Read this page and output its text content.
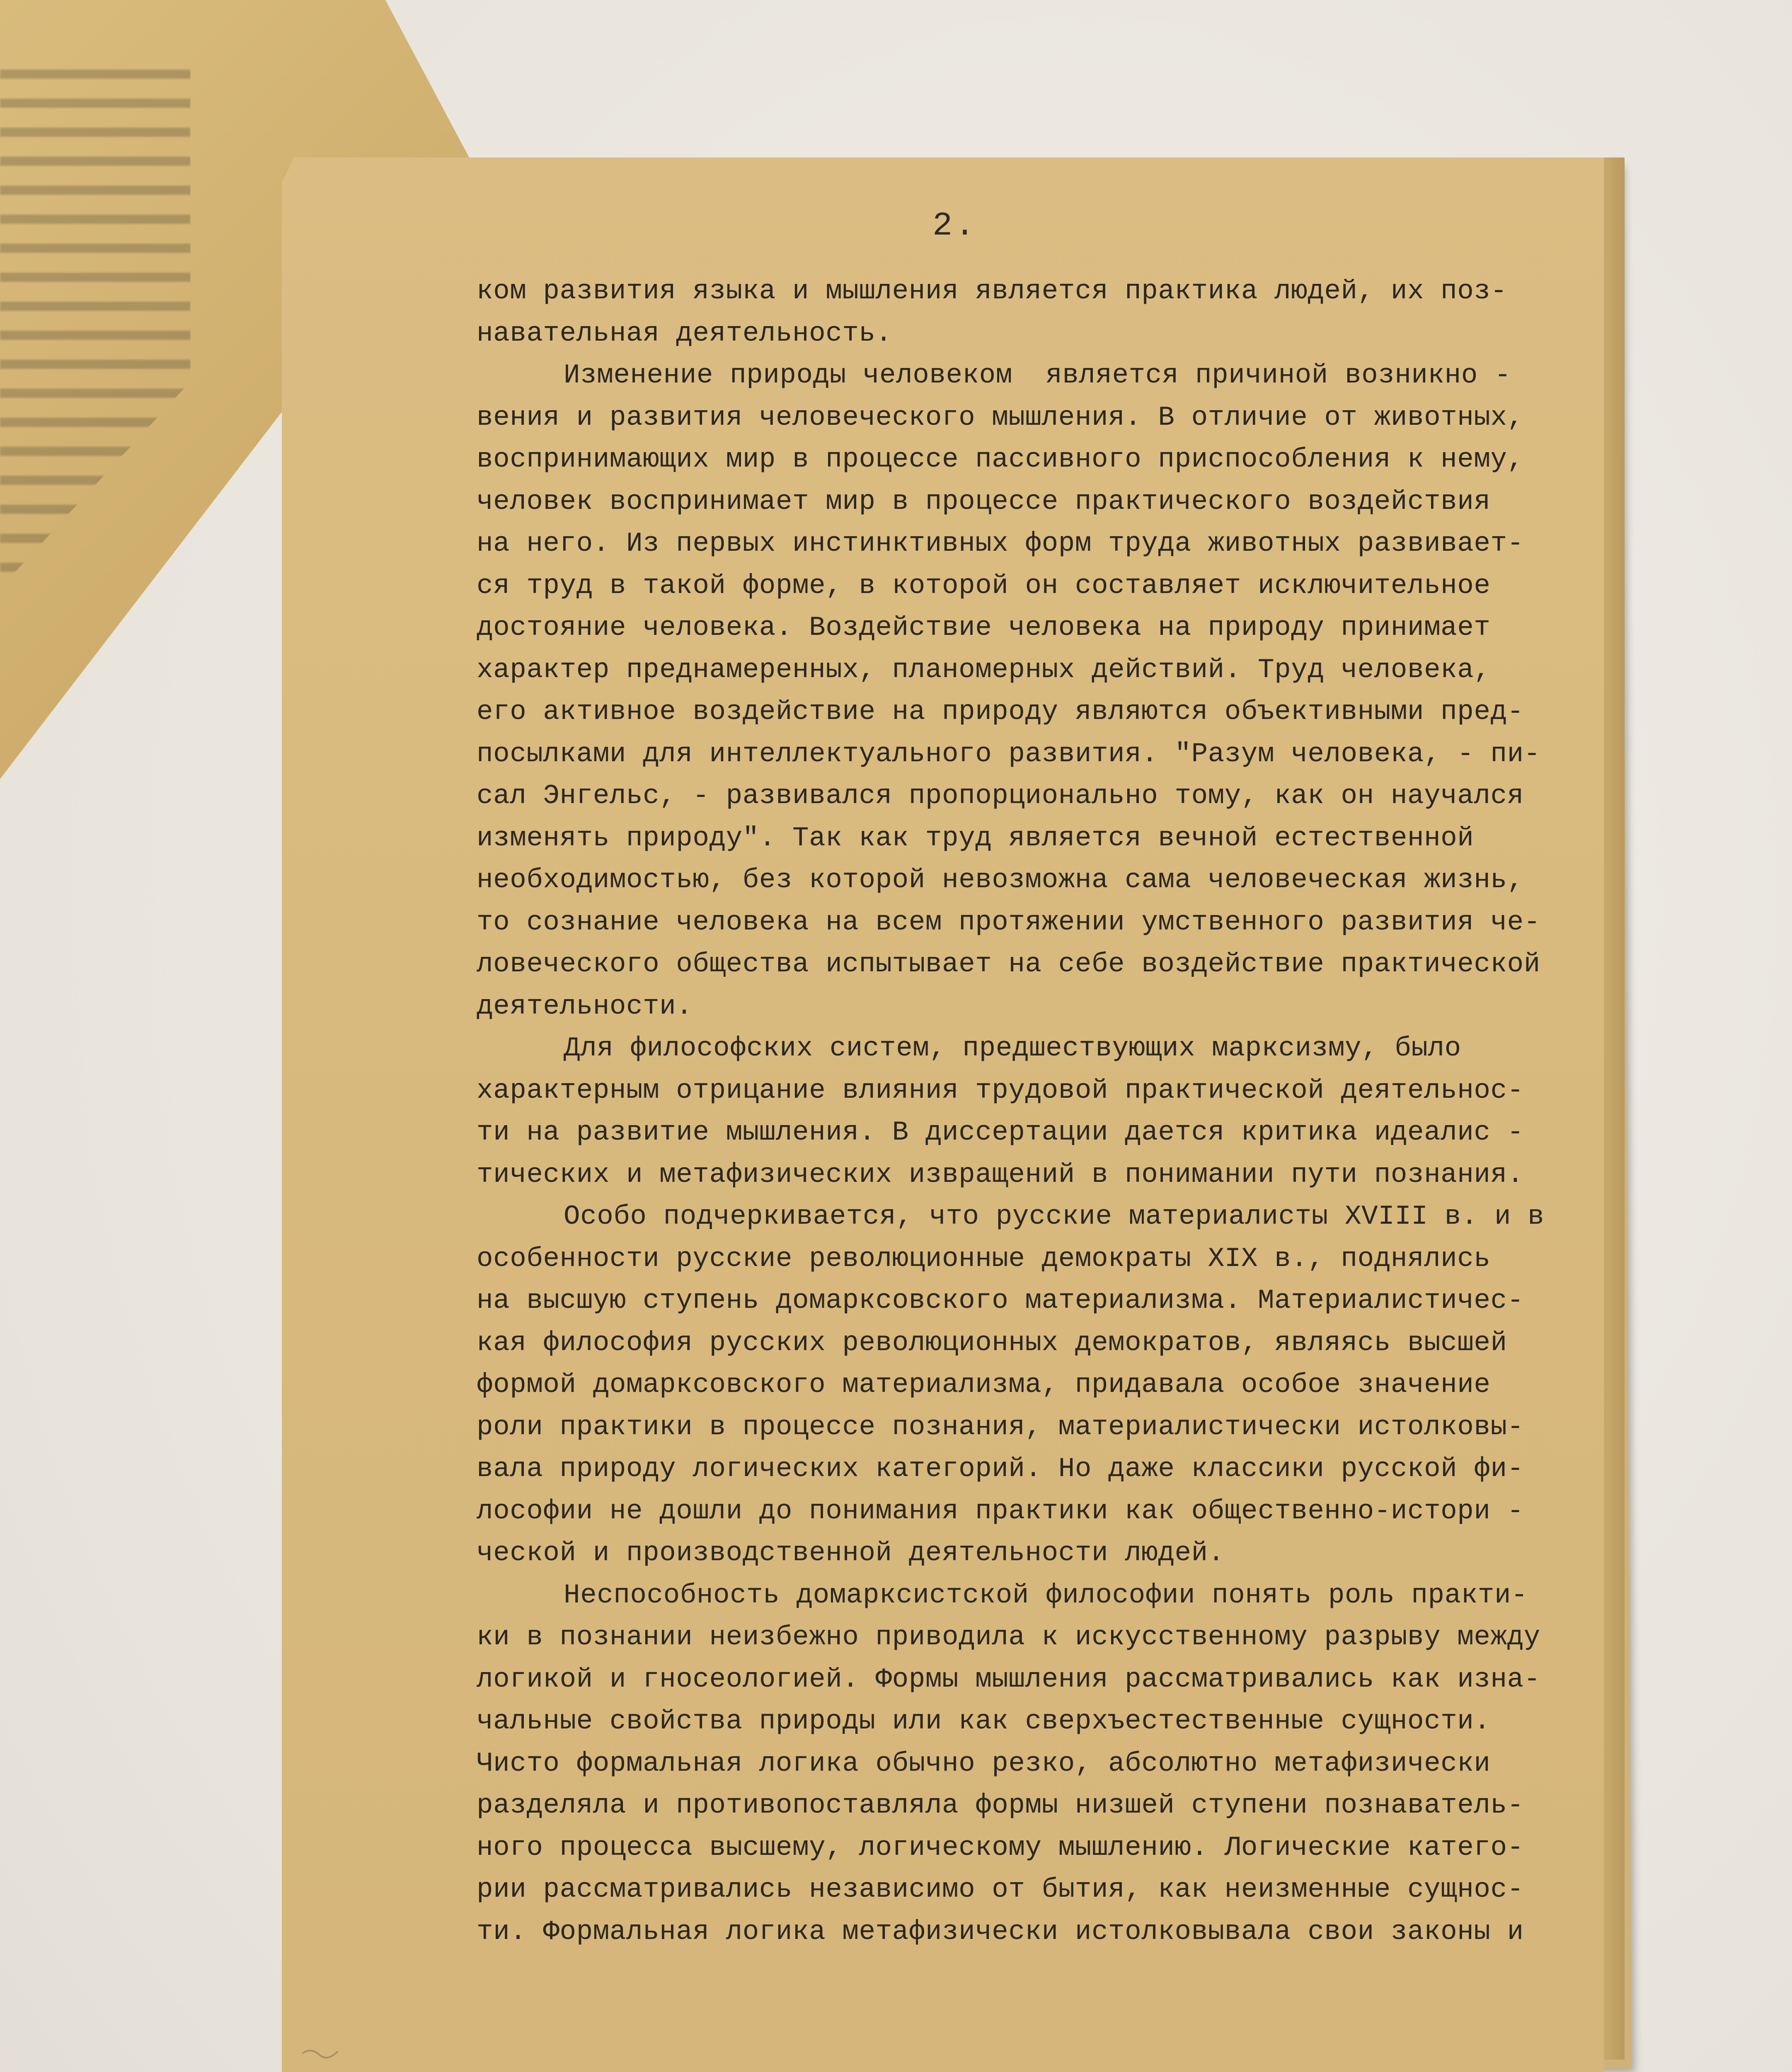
2.
ком развития языка и мышления является практика людей, их поз-
навательная деятельность.
Изменение природы человеком  является причиной возникно -
вения и развития человеческого мышления. В отличие от животных,
воспринимающих мир в процессе пассивного приспособления к нему,
человек воспринимает мир в процессе практического воздействия
на него. Из первых инстинктивных форм труда животных развивает-
ся труд в такой форме, в которой он составляет исключительное
достояние человека. Воздействие человека на природу принимает
характер преднамеренных, планомерных действий. Труд человека,
его активное воздействие на природу являются объективными пред-
посылками для интеллектуального развития. "Разум человека, - пи-
сал Энгельс, - развивался пропорционально тому, как он научался
изменять природу". Так как труд является вечной естественной
необходимостью, без которой невозможна сама человеческая жизнь,
то сознание человека на всем протяжении умственного развития че-
ловеческого общества испытывает на себе воздействие практической
деятельности.
Для философских систем, предшествующих марксизму, было
характерным отрицание влияния трудовой практической деятельнос-
ти на развитие мышления. В диссертации дается критика идеалис -
тических и метафизических извращений в понимании пути познания.
Особо подчеркивается, что русские материалисты XVIII в. и в
особенности русские революционные демократы XIX в., поднялись
на высшую ступень домарксовского материализма. Материалистичес-
кая философия русских революционных демократов, являясь высшей
формой домарксовского материализма, придавала особое значение
роли практики в процессе познания, материалистически истолковы-
вала природу логических категорий. Но даже классики русской фи-
лософии не дошли до понимания практики как общественно-истори -
ческой и производственной деятельности людей.
Неспособность домарксистской философии понять роль практи-
ки в познании неизбежно приводила к искусственному разрыву между
логикой и гносеологией. Формы мышления рассматривались как изна-
чальные свойства природы или как сверхъестественные сущности.
Чисто формальная логика обычно резко, абсолютно метафизически
разделяла и противопоставляла формы низшей ступени познаватель-
ного процесса высшему, логическому мышлению. Логические катего-
рии рассматривались независимо от бытия, как неизменные сущнос-
ти. Формальная логика метафизически истолковывала свои законы и
